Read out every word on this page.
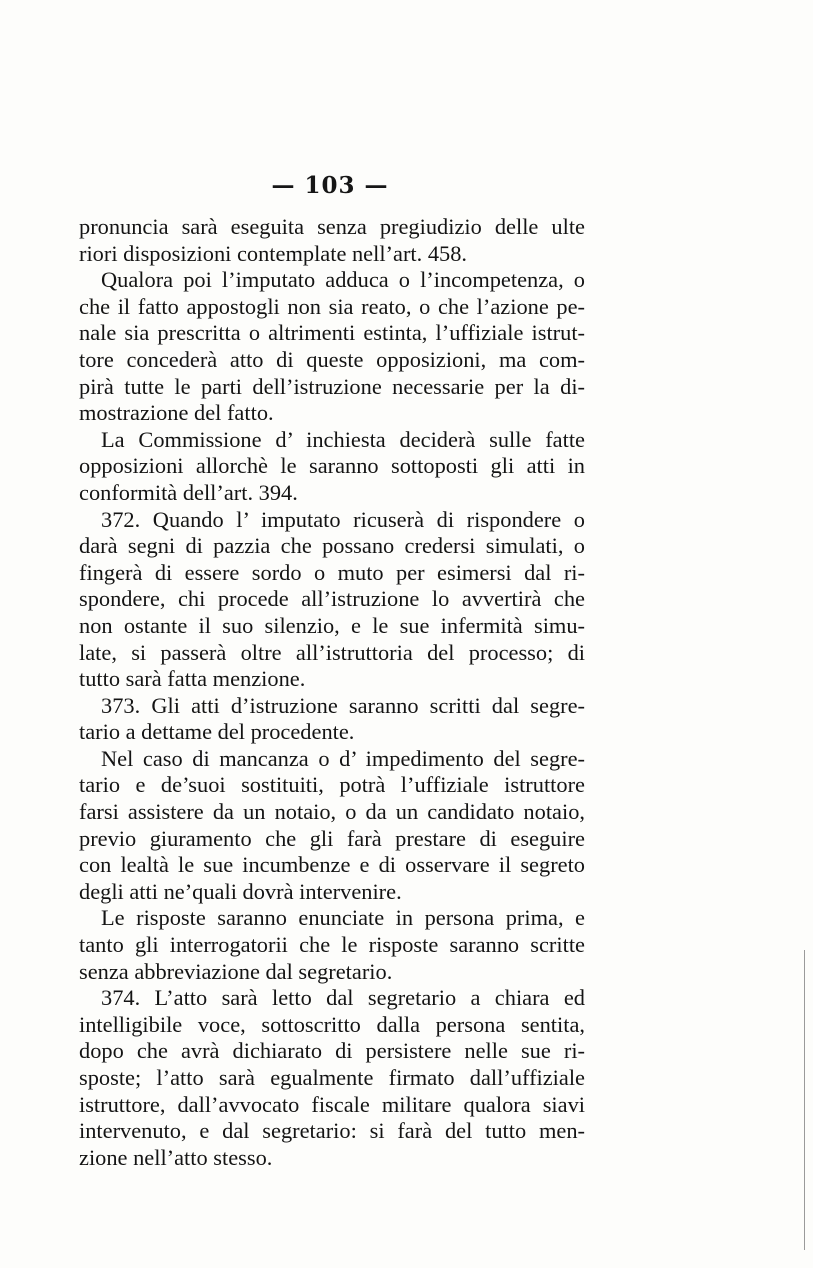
— 103 —

pronuncia sarà eseguita senza pregiudizio delle ulte
riori disposizioni contemplate nell’art. 458.

Qualora poi l’imputato adduca o l’incompetenza, o
che il fatto appostogli non sia reato, o che l’azione pe-
nale sia prescritta o altrimenti estinta, l’uffiziale istrut-
tore concederà atto di queste opposizioni, ma com-
pirà tutte le parti dell’istruzione necessarie per la di-
mostrazione del fatto.

La Commissione d’ inchiesta deciderà sulle fatte
opposizioni allorchè le saranno sottoposti gli atti in
conformità dell’art. 394.

372. Quando l’ imputato ricuserà di rispondere o
darà segni di pazzia che possano credersi simulati, o
fingerà di essere sordo o muto per esimersi dal ri-
spondere, chi procede all’istruzione lo avvertirà che
non ostante il suo silenzio, e le sue infermità simu-
late, si passerà oltre all’istruttoria del processo; di
tutto sarà fatta menzione.

373. Gli atti d’istruzione saranno scritti dal segre-
tario a dettame del procedente.

Nel caso di mancanza o d’ impedimento del segre-
tario e de’suoi sostituiti, potrà l’uffiziale istruttore
farsi assistere da un notaio, o da un candidato notaio,
previo giuramento che gli farà prestare di eseguire
con lealtà le sue incumbenze e di osservare il segreto
degli atti ne’quali dovrà intervenire.

Le risposte saranno enunciate in persona prima, e
tanto gli interrogatorii che le risposte saranno scritte
senza abbreviazione dal segretario.

374. L’atto sarà letto dal segretario a chiara ed
intelligibile voce, sottoscritto dalla persona sentita,
dopo che avrà dichiarato di persistere nelle sue ri-
sposte; l’atto sarà egualmente firmato dall’uffiziale
istruttore, dall’avvocato fiscale militare qualora siavi
intervenuto, e dal segretario: si farà del tutto men-
zione nell’atto stesso.
